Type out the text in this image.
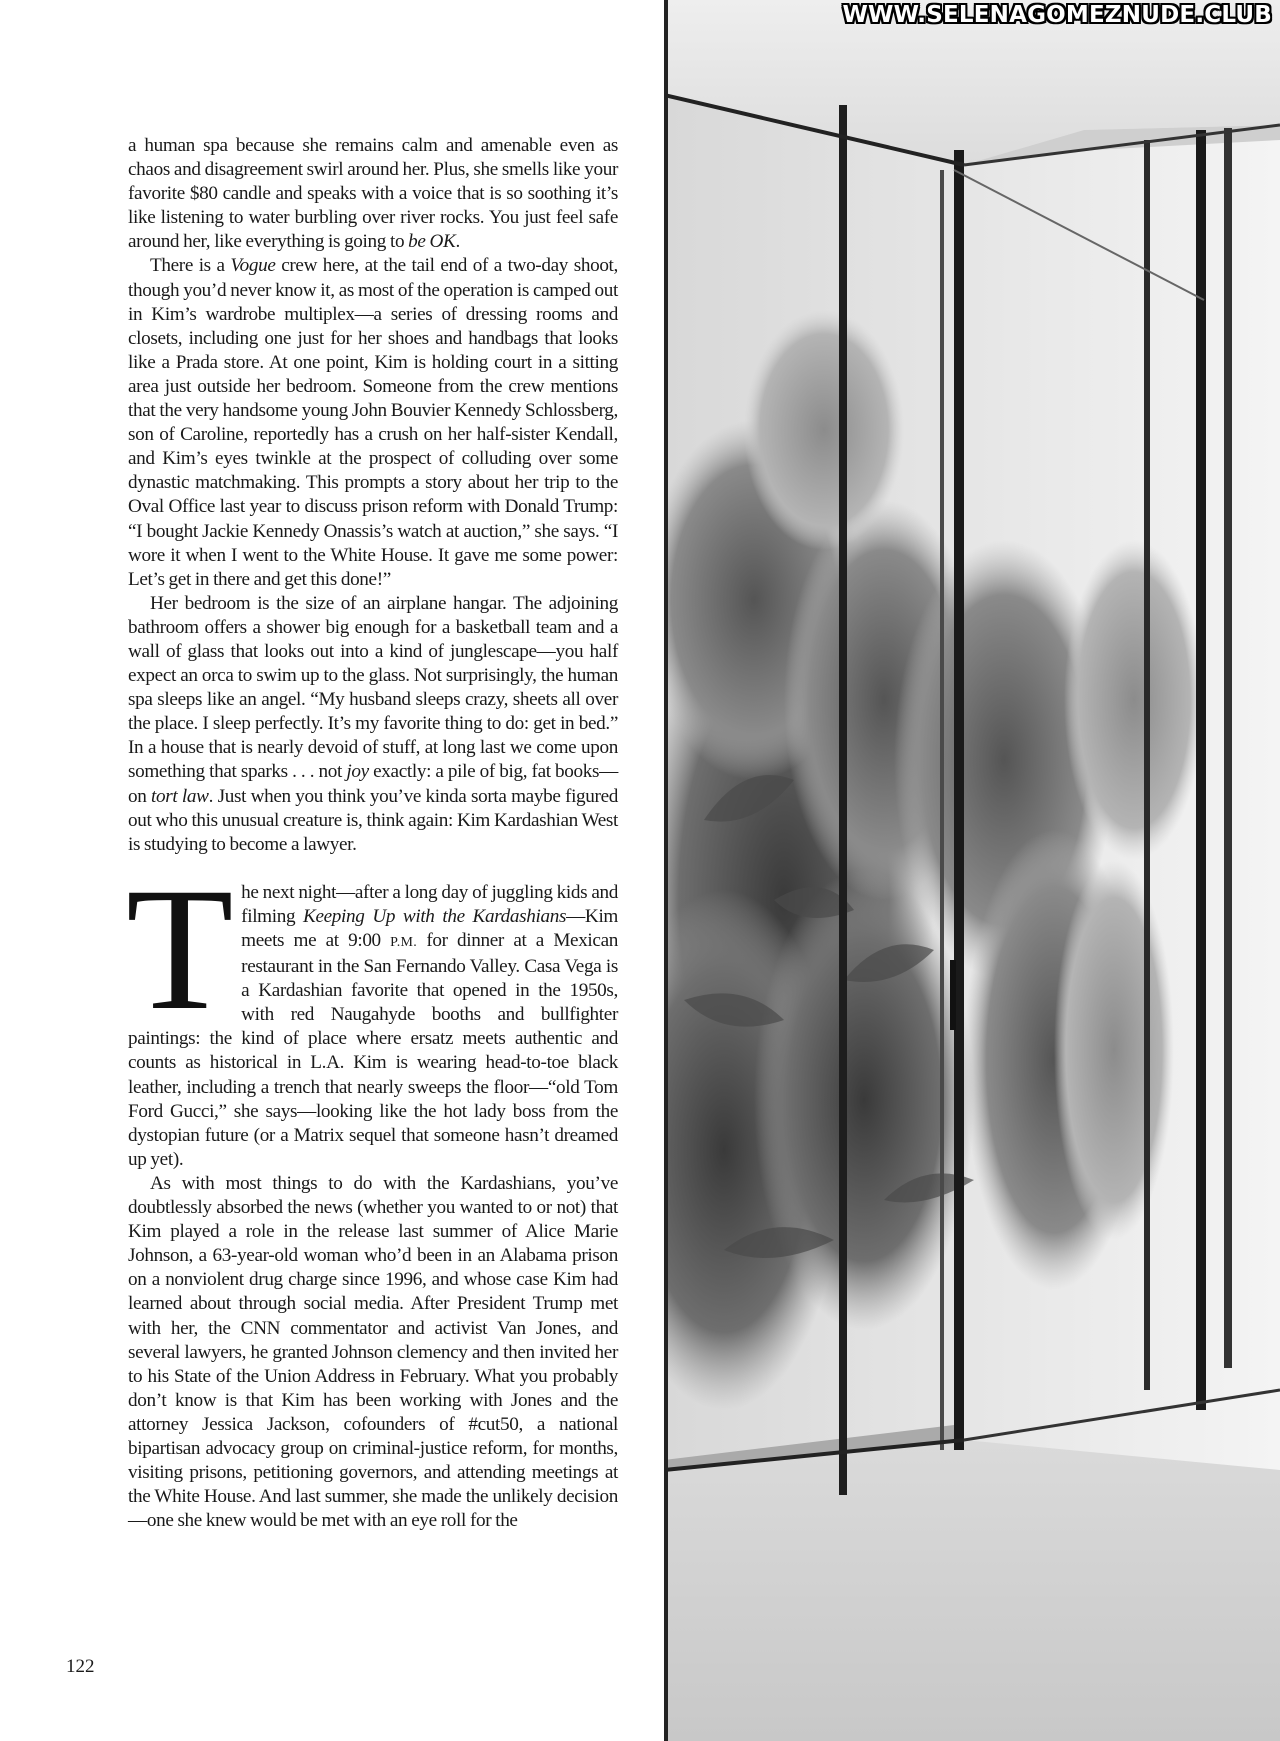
a human spa because she remains calm and amenable even as chaos and disagreement swirl around her. Plus, she smells like your favorite $80 candle and speaks with a voice that is so soothing it’s like listening to water burbling over river rocks. You just feel safe around her, like everything is going to be OK.

There is a Vogue crew here, at the tail end of a two-day shoot, though you’d never know it, as most of the operation is camped out in Kim’s wardrobe multiplex—a series of dressing rooms and closets, including one just for her shoes and handbags that looks like a Prada store. At one point, Kim is holding court in a sitting area just outside her bedroom. Someone from the crew mentions that the very handsome young John Bouvier Kennedy Schlossberg, son of Caroline, reportedly has a crush on her half-sister Kendall, and Kim’s eyes twinkle at the prospect of colluding over some dynastic matchmaking. This prompts a story about her trip to the Oval Office last year to discuss prison reform with Donald Trump: “I bought Jackie Kennedy Onassis’s watch at auction,” she says. “I wore it when I went to the White House. It gave me some power: Let’s get in there and get this done!”

Her bedroom is the size of an airplane hangar. The adjoining bathroom offers a shower big enough for a basketball team and a wall of glass that looks out into a kind of junglescape—you half expect an orca to swim up to the glass. Not surprisingly, the human spa sleeps like an angel. “My husband sleeps crazy, sheets all over the place. I sleep perfectly. It’s my favorite thing to do: get in bed.” In a house that is nearly devoid of stuff, at long last we come upon something that sparks . . . not joy exactly: a pile of big, fat books—on tort law. Just when you think you’ve kinda sorta maybe figured out who this unusual creature is, think again: Kim Kardashian West is studying to become a lawyer.

The next night—after a long day of juggling kids and filming Keeping Up with the Kardashians—Kim meets me at 9:00 P.M. for dinner at a Mexican restaurant in the San Fernando Valley. Casa Vega is a Kardashian favorite that opened in the 1950s, with red Naugahyde booths and bullfighter paintings: the kind of place where ersatz meets authentic and counts as historical in L.A. Kim is wearing head-to-toe black leather, including a trench that nearly sweeps the floor—“old Tom Ford Gucci,” she says—looking like the hot lady boss from the dystopian future (or a Matrix sequel that someone hasn’t dreamed up yet).

As with most things to do with the Kardashians, you’ve doubtlessly absorbed the news (whether you wanted to or not) that Kim played a role in the release last summer of Alice Marie Johnson, a 63-year-old woman who’d been in an Alabama prison on a nonviolent drug charge since 1996, and whose case Kim had learned about through social media. After President Trump met with her, the CNN commentator and activist Van Jones, and several lawyers, he granted Johnson clemency and then invited her to his State of the Union Address in February. What you probably don’t know is that Kim has been working with Jones and the attorney Jessica Jackson, cofounders of #cut50, a national bipartisan advocacy group on criminal-justice reform, for months, visiting prisons, petitioning governors, and attending meetings at the White House. And last summer, she made the unlikely decision—one she knew would be met with an eye roll for the

122
WWW.SELENAGOMEZNUDE.CLUB
